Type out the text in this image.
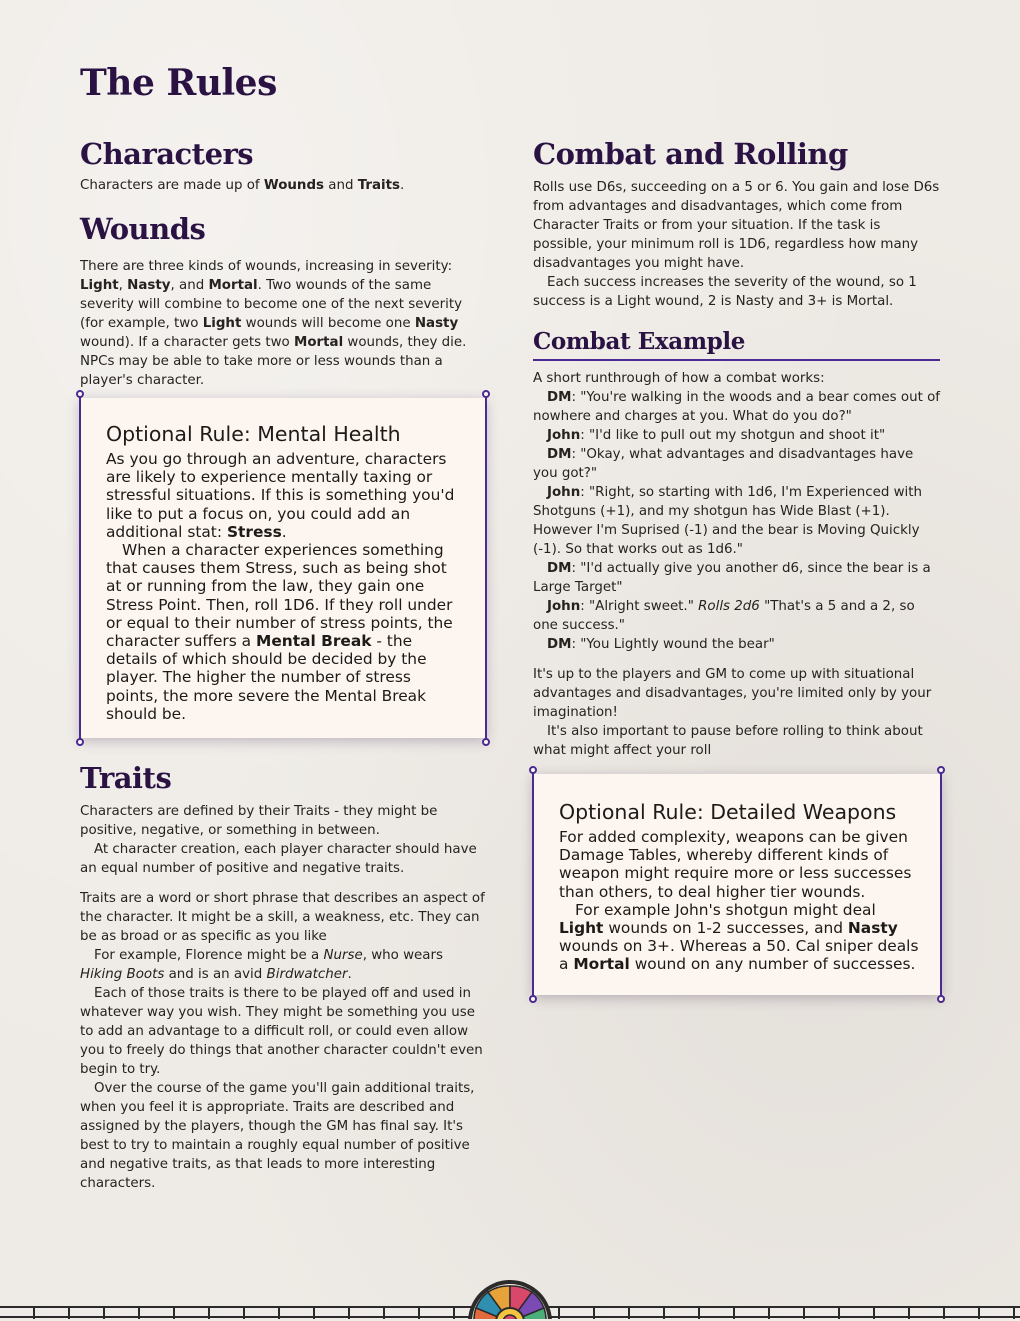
The Rules
Characters

Characters are made up of Wounds and Traits.

Wounds

There are three kinds of wounds, increasing in severity: Light, Nasty, and Mortal. Two wounds of the same severity will combine to become one of the next severity (for example, two Light wounds will become one Nasty wound). If a character gets two Mortal wounds, they die. NPCs may be able to take more or less wounds than a player's character.

Optional Rule: Mental Health

As you go through an adventure, characters are likely to experience mentally taxing or stressful situations. If this is something you'd like to put a focus on, you could add an additional stat: Stress.

When a character experiences something that causes them Stress, such as being shot at or running from the law, they gain one Stress Point. Then, roll 1D6. If they roll under or equal to their number of stress points, the character suffers a Mental Break - the details of which should be decided by the player. The higher the number of stress points, the more severe the Mental Break should be.

Traits

Characters are defined by their Traits - they might be positive, negative, or something in between.

At character creation, each player character should have an equal number of positive and negative traits.

Traits are a word or short phrase that describes an aspect of the character. It might be a skill, a weakness, etc. They can be as broad or as specific as you like

For example, Florence might be a Nurse, who wears Hiking Boots and is an avid Birdwatcher.

Each of those traits is there to be played off and used in whatever way you wish. They might be something you use to add an advantage to a difficult roll, or could even allow you to freely do things that another character couldn't even begin to try.

Over the course of the game you'll gain additional traits, when you feel it is appropriate. Traits are described and assigned by the players, though the GM has final say. It's best to try to maintain a roughly equal number of positive and negative traits, as that leads to more interesting characters.

Combat and Rolling

Rolls use D6s, succeeding on a 5 or 6. You gain and lose D6s from advantages and disadvantages, which come from Character Traits or from your situation. If the task is possible, your minimum roll is 1D6, regardless how many disadvantages you might have.

Each success increases the severity of the wound, so 1 success is a Light wound, 2 is Nasty and 3+ is Mortal.

Combat Example

A short runthrough of how a combat works:

DM: "You're walking in the woods and a bear comes out of nowhere and charges at you. What do you do?"

John: "I'd like to pull out my shotgun and shoot it"

DM: "Okay, what advantages and disadvantages have you got?"

John: "Right, so starting with 1d6, I'm Experienced with Shotguns (+1), and my shotgun has Wide Blast (+1). However I'm Suprised (-1) and the bear is Moving Quickly (-1). So that works out as 1d6."

DM: "I'd actually give you another d6, since the bear is a Large Target"

John: "Alright sweet." Rolls 2d6 "That's a 5 and a 2, so one success."

DM: "You Lightly wound the bear"

It's up to the players and GM to come up with situational advantages and disadvantages, you're limited only by your imagination!

It's also important to pause before rolling to think about what might affect your roll

Optional Rule: Detailed Weapons

For added complexity, weapons can be given Damage Tables, whereby different kinds of weapon might require more or less successes than others, to deal higher tier wounds.

For example John's shotgun might deal Light wounds on 1-2 successes, and Nasty wounds on 3+. Whereas a 50. Cal sniper deals a Mortal wound on any number of successes.
